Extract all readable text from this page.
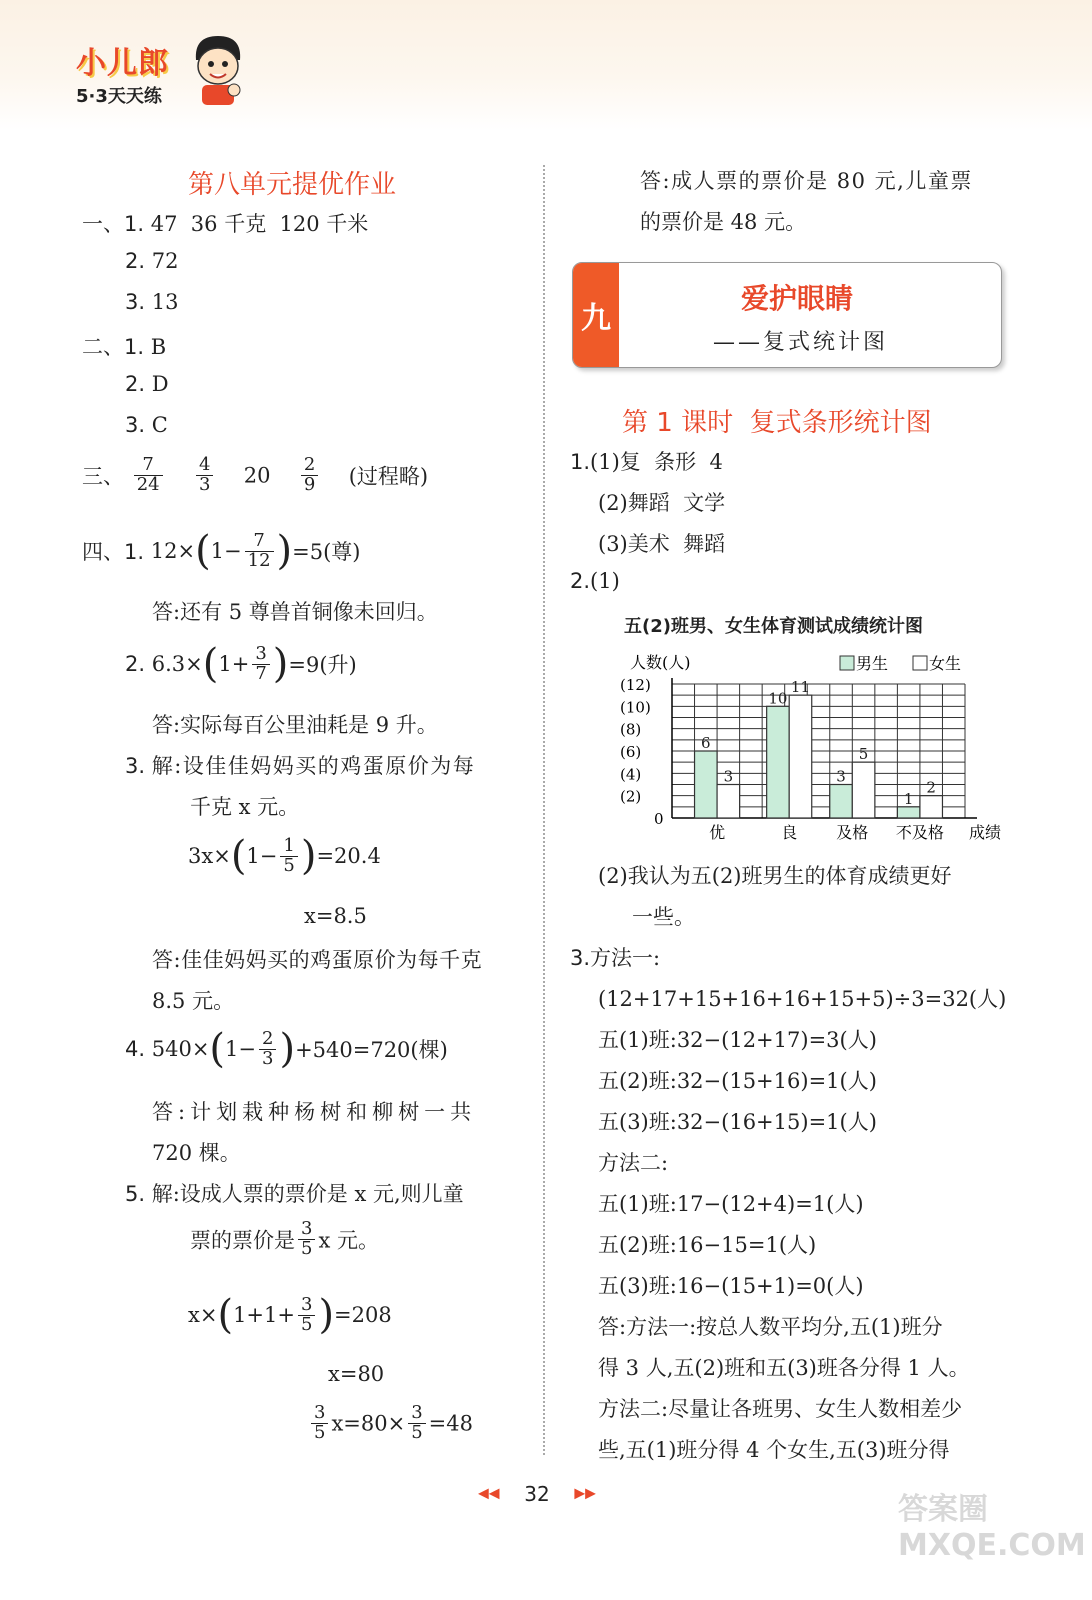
小儿郎
5·3天天练
第八单元提优作业
一、1. 47  36 千克  120 千米
2. 72
3. 13
二、1. B
2. D
3. C
三、 $\frac{7}{24}$
$\frac{4}{3} 20 \frac{2}{9}$ (过程略)
四、1. $12\times(1- \frac{7}{12} )=5$(尊)
答:还有 5 尊兽首铜像未回归。
2. $6.3\times(1+ \frac{3}{7} )=9$(升)
答:实际每百公里油耗是 9 升。
3. 解:设佳佳妈妈买的鸡蛋原价为每
千克 x 元。
$3x\times(1- \frac{1}{5} )=20.4$
x=8.5
答:佳佳妈妈买的鸡蛋原价为每千克
8.5 元。
4. $540\times(1- \frac{2}{3} )+540=720$(棵)
答:计划栽种杨树和柳树一共
720 棵。
5. 解:设成人票的票价是 x 元,则儿童
票的票价是 $\frac{3}{5}$ x 元。
$x\times(1+1+ \frac{3}{5} )=208$
x=80
$\frac{3}{5} x=80\times \frac{3}{5} =48$
答:成人票的票价是 80 元,儿童票
的票价是 48 元。
九
爱护眼睛
——复式统计图
第 1 课时  复式条形统计图
1.(1)复  条形  4
(2)舞蹈  文学
(3)美术  舞蹈
2.(1)
五(2)班男、女生体育测试成绩统计图
人数(人)
(12)
(10)
(8)
(6)
(4)
(2)
0
男生	女生
6
3
优
10
11
良
3
5
及格
1
2
不及格 成绩
(2)我认为五(2)班男生的体育成绩更好
一些。
3.方法一:
(12+17+15+16+16+15+5)÷3=32(人)
五(1)班:32−(12+17)=3(人)
五(2)班:32−(15+16)=1(人)
五(3)班:32−(16+15)=1(人)
方法二:
五(1)班:17−(12+4)=1(人)
五(2)班:16−15=1(人)
五(3)班:16−(15+1)=0(人)
答:方法一:按总人数平均分,五(1)班分
得 3 人,五(2)班和五(3)班各分得 1 人。
方法二:尽量让各班男、女生人数相差少
些,五(1)班分得 4 个女生,五(3)班分得
◀◀ 32 ▶▶	答案圈 MXQE.COM
